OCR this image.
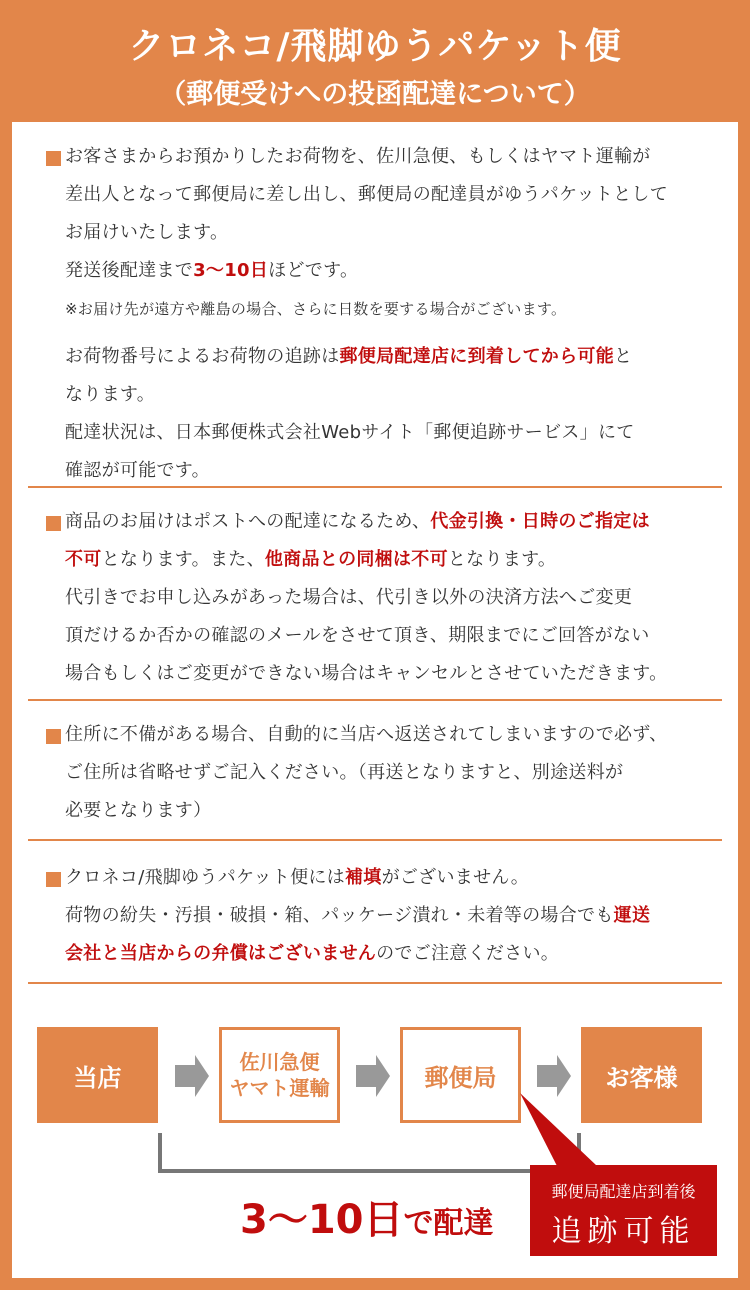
クロネコ/飛脚ゆうパケット便
（郵便受けへの投函配達について）
お客さまからお預かりしたお荷物を、佐川急便、もしくはヤマト運輸が
差出人となって郵便局に差し出し、郵便局の配達員がゆうパケットとして
お届けいたします。
発送後配達まで3〜10日ほどです。
※お届け先が遠方や離島の場合、さらに日数を要する場合がございます。
お荷物番号によるお荷物の追跡は郵便局配達店に到着してから可能と
なります。
配達状況は、日本郵便株式会社Webサイト「郵便追跡サービス」にて
確認が可能です。
商品のお届けはポストへの配達になるため、代金引換・日時のご指定は
不可となります。また、他商品との同梱は不可となります。
代引きでお申し込みがあった場合は、代引き以外の決済方法へご変更
頂だけるか否かの確認のメールをさせて頂き、期限までにご回答がない
場合もしくはご変更ができない場合はキャンセルとさせていただきます。
住所に不備がある場合、自動的に当店へ返送されてしまいますので必ず、
ご住所は省略せずご記入ください。（再送となりますと、別途送料が
必要となります）
クロネコ/飛脚ゆうパケット便には補填がございません。
荷物の紛失・汚損・破損・箱、パッケージ潰れ・未着等の場合でも運送
会社と当店からの弁償はございませんのでご注意ください。
当店
佐川急便
ヤマト運輸	郵便局	お客様
3〜10日で配達
郵便局配達店到着後
追跡可能
